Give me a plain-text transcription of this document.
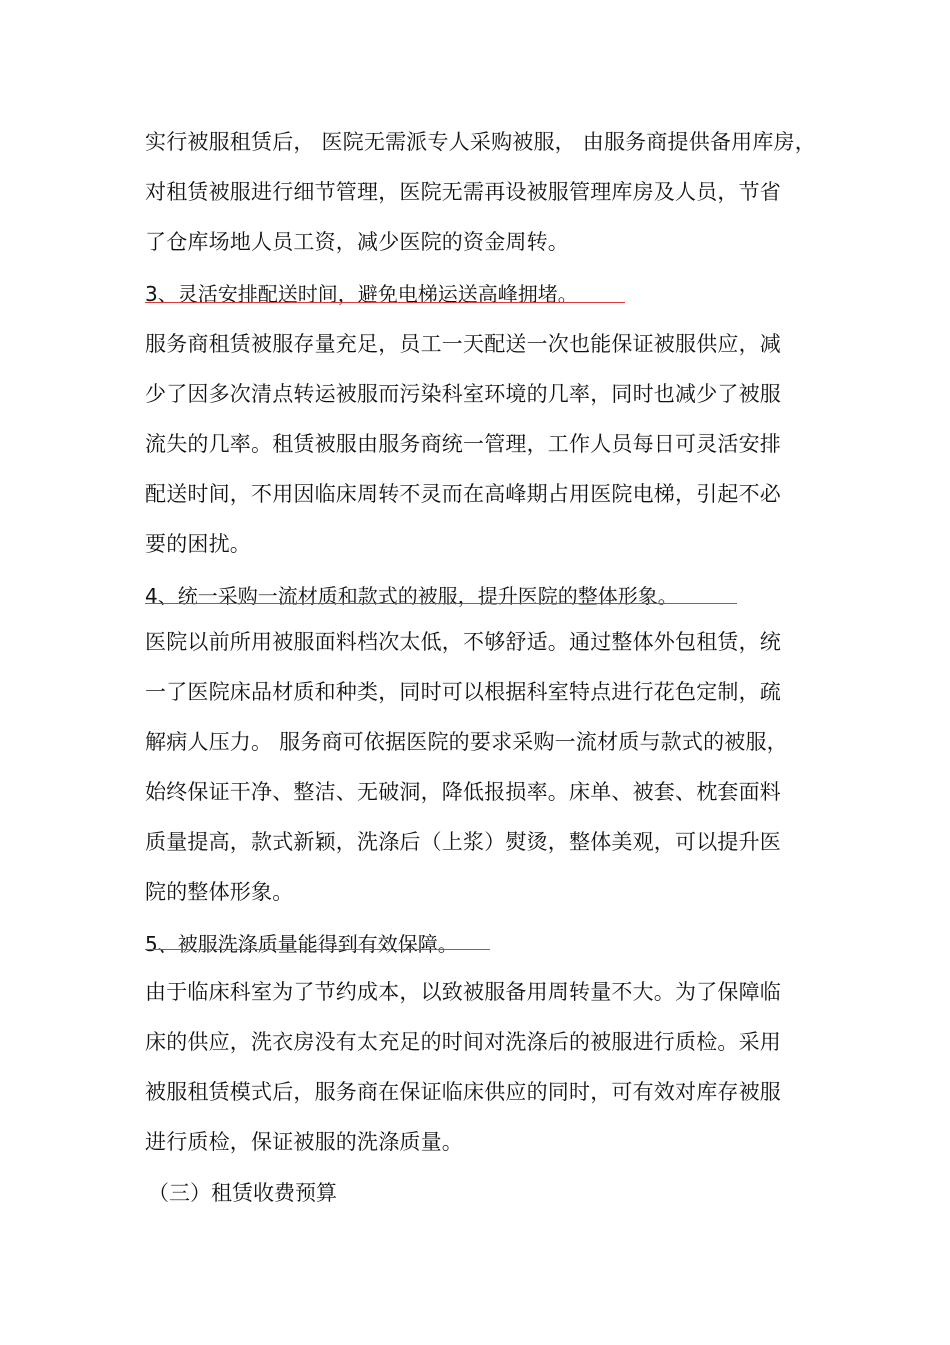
实行被服租赁后， 医院无需派专人采购被服， 由服务商提供备用库房，
对租赁被服进行细节管理，医院无需再设被服管理库房及人员，节省
了仓库场地人员工资，减少医院的资金周转。
3、灵活安排配送时间，避免电梯运送高峰拥堵。
服务商租赁被服存量充足，员工一天配送一次也能保证被服供应，减
少了因多次清点转运被服而污染科室环境的几率，同时也减少了被服
流失的几率。租赁被服由服务商统一管理，工作人员每日可灵活安排
配送时间，不用因临床周转不灵而在高峰期占用医院电梯，引起不必
要的困扰。
4、统一采购一流材质和款式的被服，提升医院的整体形象。
医院以前所用被服面料档次太低，不够舒适。通过整体外包租赁，统
一了医院床品材质和种类，同时可以根据科室特点进行花色定制，疏
解病人压力。 服务商可依据医院的要求采购一流材质与款式的被服，
始终保证干净、整洁、无破洞，降低报损率。床单、被套、枕套面料
质量提高，款式新颖，洗涤后（上浆）熨烫，整体美观，可以提升医
院的整体形象。
5、被服洗涤质量能得到有效保障。
由于临床科室为了节约成本，以致被服备用周转量不大。为了保障临
床的供应，洗衣房没有太充足的时间对洗涤后的被服进行质检。采用
被服租赁模式后，服务商在保证临床供应的同时，可有效对库存被服
进行质检，保证被服的洗涤质量。
（三）租赁收费预算
